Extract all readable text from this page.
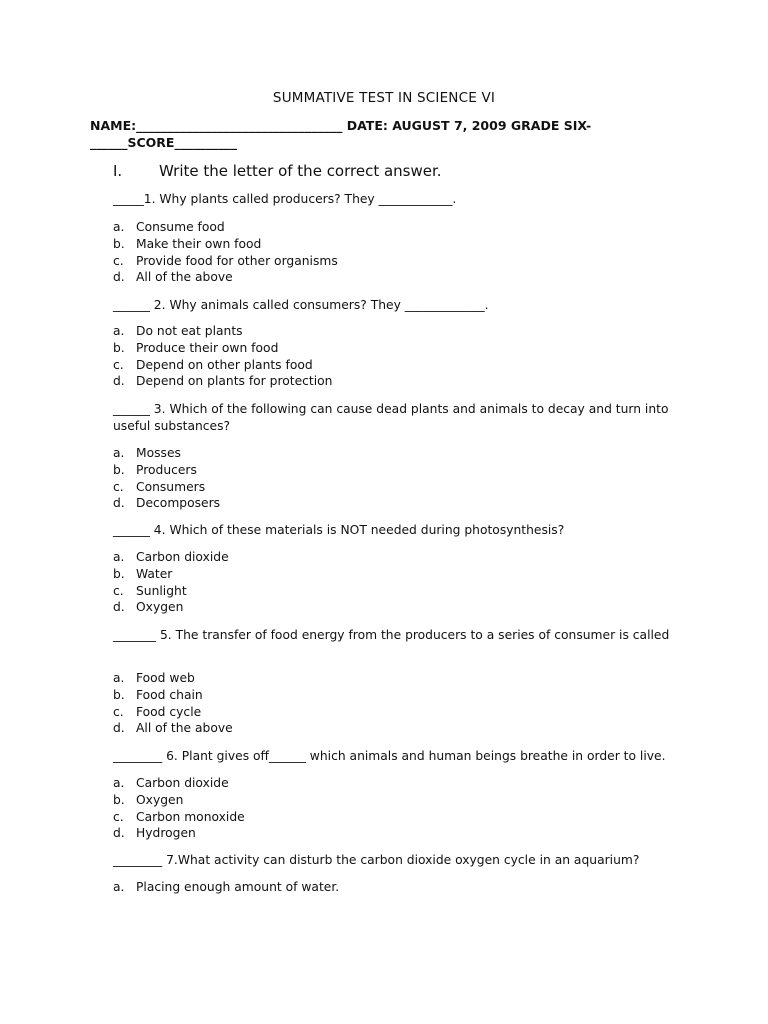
SUMMATIVE TEST IN SCIENCE VI
NAME:_________________________________ DATE: AUGUST 7, 2009 GRADE SIX-
______SCORE__________
I. Write the letter of the correct answer.
_____1. Why plants called producers? They ____________.
a. Consume food
b. Make their own food
c. Provide food for other organisms
d. All of the above
______ 2. Why animals called consumers? They _____________.
a. Do not eat plants
b. Produce their own food
c. Depend on other plants food
d. Depend on plants for protection
______ 3. Which of the following can cause dead plants and animals to decay and turn into useful substances?
a. Mosses
b. Producers
c. Consumers
d. Decomposers
______ 4. Which of these materials is NOT needed during photosynthesis?
a. Carbon dioxide
b. Water
c. Sunlight
d. Oxygen
_______ 5. The transfer of food energy from the producers to a series of consumer is called
a. Food web
b. Food chain
c. Food cycle
d. All of the above
________ 6. Plant gives off______ which animals and human beings breathe in order to live.
a. Carbon dioxide
b. Oxygen
c. Carbon monoxide
d. Hydrogen
________ 7.What activity can disturb the carbon dioxide oxygen cycle in an aquarium?
a. Placing enough amount of water.
